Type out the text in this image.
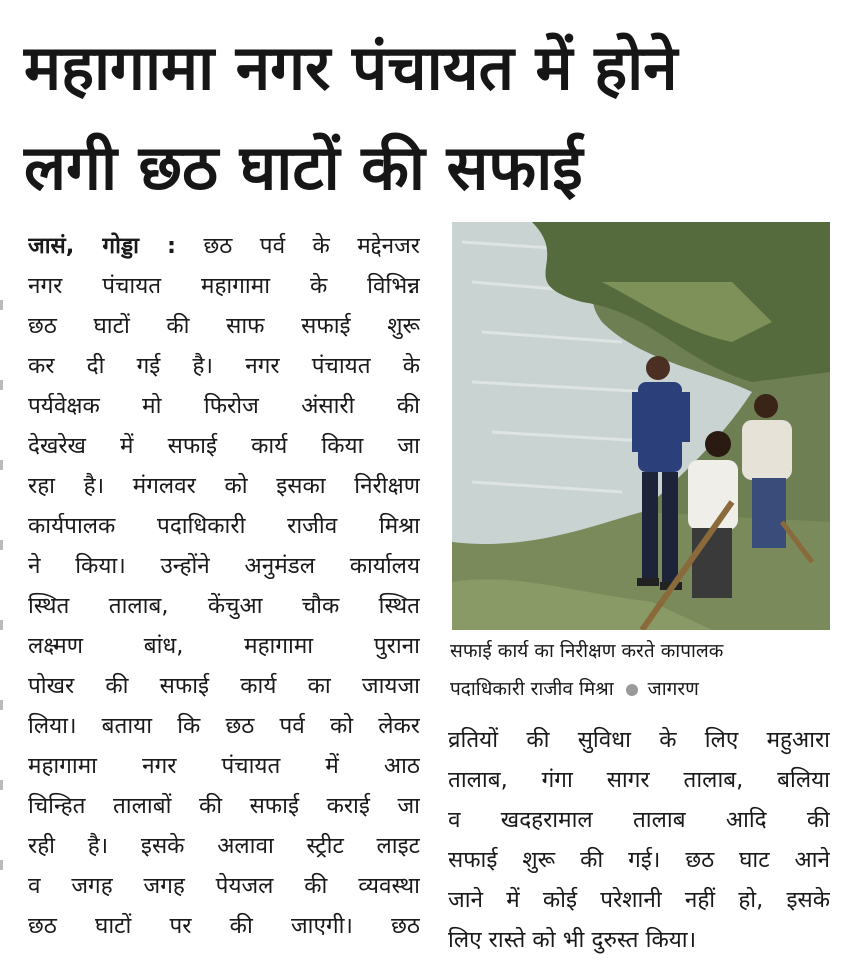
महागामा नगर पंचायत में होने
लगी छठ घाटों की सफाई
जासं, गोड्डा : छठ पर्व के मद्देनजर
नगर पंचायत महागामा के विभिन्न
छठ घाटों की साफ सफाई शुरू
कर दी गई है। नगर पंचायत के
पर्यवेक्षक मो फिरोज अंसारी की
देखरेख में सफाई कार्य किया जा
रहा है। मंगलवर को इसका निरीक्षण
कार्यपालक पदाधिकारी राजीव मिश्रा
ने किया। उन्होंने अनुमंडल कार्यालय
स्थित तालाब, केंचुआ चौक स्थित
लक्ष्मण बांध, महागामा पुराना
पोखर की सफाई कार्य का जायजा
लिया। बताया कि छठ पर्व को लेकर
महागामा नगर पंचायत में आठ
चिन्हित तालाबों की सफाई कराई जा
रही है। इसके अलावा स्ट्रीट लाइट
व जगह जगह पेयजल की व्यवस्था
छठ घाटों पर की जाएगी। छठ
सफाई कार्य का निरीक्षण करते कापालक
पदाधिकारी राजीव मिश्रा जागरण
व्रतियों की सुविधा के लिए महुआरा
तालाब, गंगा सागर तालाब, बलिया
व खदहरामाल तालाब आदि की
सफाई शुरू की गई। छठ घाट आने
जाने में कोई परेशानी नहीं हो, इसके
लिए रास्ते को भी दुरुस्त किया।
